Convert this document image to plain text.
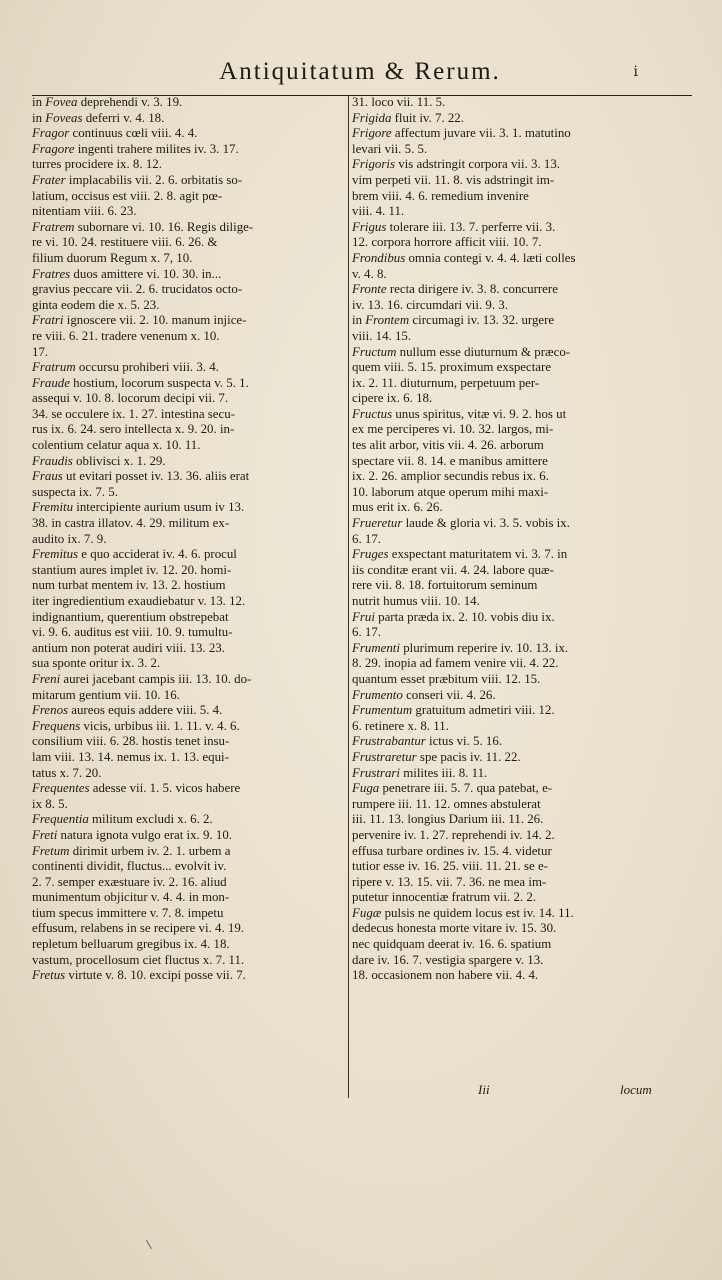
Antiquitatum & Rerum.	i
in Fovea deprehendi v. 3. 19.
in Foveas deferri v. 4. 18.
Fragor continuus cœli viii. 4. 4.
Fragore ingenti trahere milites iv. 3. 17.
turres procidere ix. 8. 12.
Frater implacabilis vii. 2. 6. orbitatis so-
latium, occisus est viii. 2. 8. agit pœ-
nitentiam viii. 6. 23.
Fratrem subornare vi. 10. 16. Regis dilige-
re vi. 10. 24. restituere viii. 6. 26. &
filium duorum Regum x. 7, 10.
Fratres duos amittere vi. 10. 30. in...
gravius peccare vii. 2. 6. trucidatos octo-
ginta eodem die x. 5. 23.
Fratri ignoscere vii. 2. 10. manum injice-
re viii. 6. 21. tradere venenum x. 10.
17.
Fratrum occursu prohiberi viii. 3. 4.
Fraude hostium, locorum suspecta v. 5. 1.
assequi v. 10. 8. locorum decipi vii. 7.
34. se occulere ix. 1. 27. intestina secu-
rus ix. 6. 24. sero intellecta x. 9. 20. in-
colentium celatur aqua x. 10. 11.
Fraudis oblivisci x. 1. 29.
Fraus ut evitari posset iv. 13. 36. aliis erat
suspecta ix. 7. 5.
Fremitu intercipiente aurium usum iv 13.
38. in castra illatov. 4. 29. militum ex-
audito ix. 7. 9.
Fremitus e quo acciderat iv. 4. 6. procul
stantium aures implet iv. 12. 20. homi-
num turbat mentem iv. 13. 2. hostium
iter ingredientium exaudiebatur v. 13. 12.
indignantium, querentium obstrepebat
vi. 9. 6. auditus est viii. 10. 9. tumultu-
antium non poterat audiri viii. 13. 23.
sua sponte oritur ix. 3. 2.
Freni aurei jacebant campis iii. 13. 10. do-
mitarum gentium vii. 10. 16.
Frenos aureos equis addere viii. 5. 4.
Frequens vicis, urbibus iii. 1. 11. v. 4. 6.
consilium viii. 6. 28. hostis tenet insu-
lam viii. 13. 14. nemus ix. 1. 13. equi-
tatus x. 7. 20.
Frequentes adesse vii. 1. 5. vicos habere
ix 8. 5.
Frequentia militum excludi x. 6. 2.
Freti natura ignota vulgo erat ix. 9. 10.
Fretum dirimit urbem iv. 2. 1. urbem a
continenti dividit, fluctus... evolvit iv.
2. 7. semper exæstuare iv. 2. 16. aliud
munimentum objicitur v. 4. 4. in mon-
tium specus immittere v. 7. 8. impetu
effusum, relabens in se recipere vi. 4. 19.
repletum belluarum gregibus ix. 4. 18.
vastum, procellosum ciet fluctus x. 7. 11.
Fretus virtute v. 8. 10. excipi posse vii. 7.
31. loco vii. 11. 5.
Frigida fluit iv. 7. 22.
Frigore affectum juvare vii. 3. 1. matutino
levari vii. 5. 5.
Frigoris vis adstringit corpora vii. 3. 13.
vim perpeti vii. 11. 8. vis adstringit im-
brem viii. 4. 6. remedium invenire
viii. 4. 11.
Frigus tolerare iii. 13. 7. perferre vii. 3.
12. corpora horrore afficit viii. 10. 7.
Frondibus omnia contegi v. 4. 4. læti colles
v. 4. 8.
Fronte recta dirigere iv. 3. 8. concurrere
iv. 13. 16. circumdari vii. 9. 3.
in Frontem circumagi iv. 13. 32. urgere
viii. 14. 15.
Fructum nullum esse diuturnum & præco-
quem viii. 5. 15. proximum exspectare
ix. 2. 11. diuturnum, perpetuum per-
cipere ix. 6. 18.
Fructus unus spiritus, vitæ vi. 9. 2. hos ut
ex me perciperes vi. 10. 32. largos, mi-
tes alit arbor, vitis vii. 4. 26. arborum
spectare vii. 8. 14. e manibus amittere
ix. 2. 26. amplior secundis rebus ix. 6.
10. laborum atque operum mihi maxi-
mus erit ix. 6. 26.
Frueretur laude & gloria vi. 3. 5. vobis ix.
6. 17.
Fruges exspectant maturitatem vi. 3. 7. in
iis conditæ erant vii. 4. 24. labore quæ-
rere vii. 8. 18. fortuitorum seminum
nutrit humus viii. 10. 14.
Frui parta præda ix. 2. 10. vobis diu ix.
6. 17.
Frumenti plurimum reperire iv. 10. 13. ix.
8. 29. inopia ad famem venire vii. 4. 22.
quantum esset præbitum viii. 12. 15.
Frumento conseri vii. 4. 26.
Frumentum gratuitum admetiri viii. 12.
6. retinere x. 8. 11.
Frustrabantur ictus vi. 5. 16.
Frustraretur spe pacis iv. 11. 22.
Frustrari milites iii. 8. 11.
Fuga penetrare iii. 5. 7. qua patebat, e-
rumpere iii. 11. 12. omnes abstulerat
iii. 11. 13. longius Darium iii. 11. 26.
pervenire iv. 1. 27. reprehendi iv. 14. 2.
effusa turbare ordines iv. 15. 4. videtur
tutior esse iv. 16. 25. viii. 11. 21. se e-
ripere v. 13. 15. vii. 7. 36. ne mea im-
putetur innocentiæ fratrum vii. 2. 2.
Fugæ pulsis ne quidem locus est iv. 14. 11.
dedecus honesta morte vitare iv. 15. 30.
nec quidquam deerat iv. 16. 6. spatium
dare iv. 16. 7. vestigia spargere v. 13.
18. occasionem non habere vii. 4. 4.
Iii	locum
